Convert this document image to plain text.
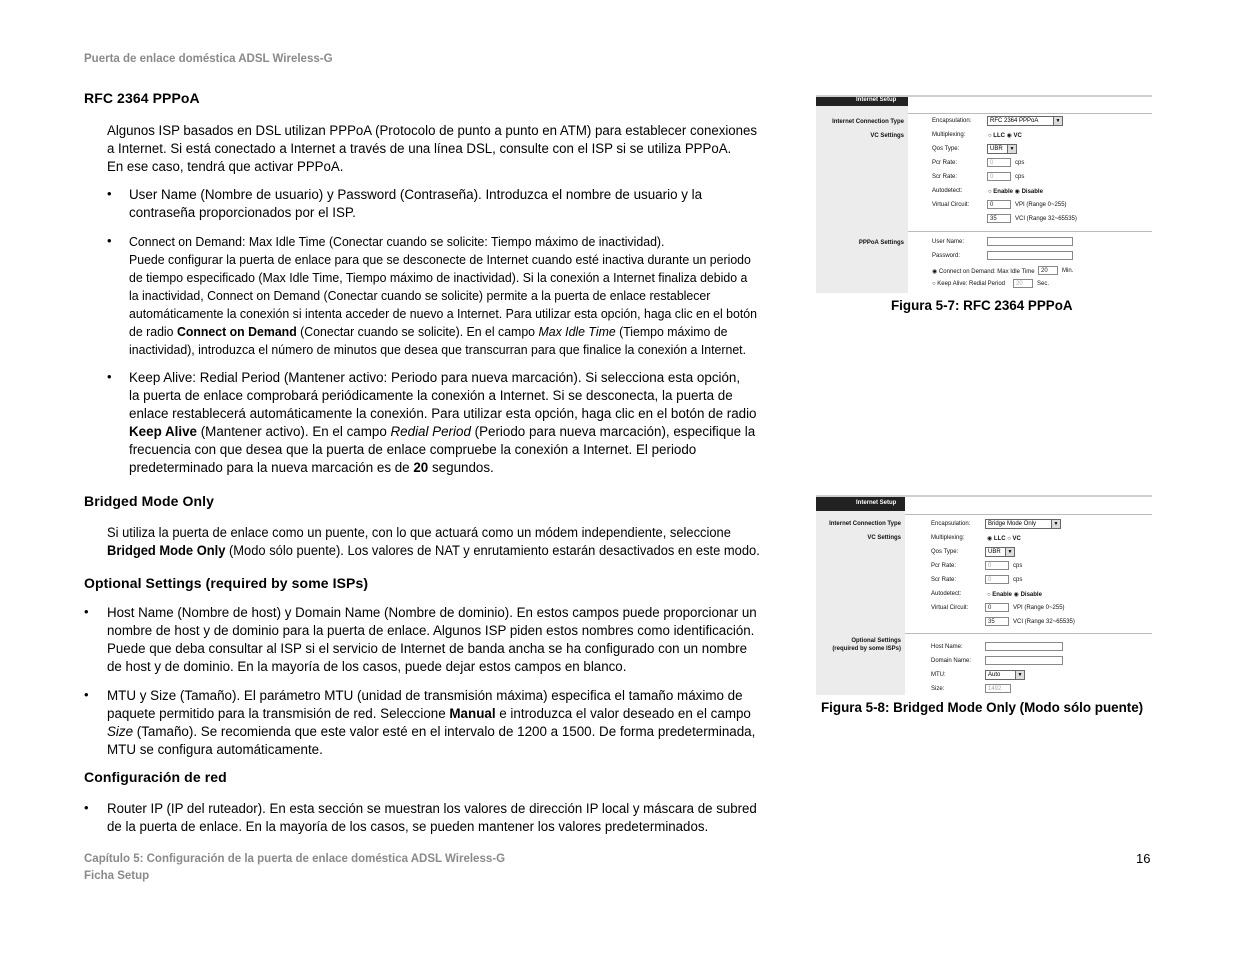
Puerta de enlace doméstica ADSL Wireless-G
RFC 2364 PPPoA
Algunos ISP basados en DSL utilizan PPPoA (Protocolo de punto a punto en ATM) para establecer conexiones
a Internet. Si está conectado a Internet a través de una línea DSL, consulte con el ISP si se utiliza PPPoA.
En ese caso, tendrá que activar PPPoA.
• User Name (Nombre de usuario) y Password (Contraseña). Introduzca el nombre de usuario y la
contraseña proporcionados por el ISP.
• Connect on Demand: Max Idle Time (Conectar cuando se solicite: Tiempo máximo de inactividad).
Puede configurar la puerta de enlace para que se desconecte de Internet cuando esté inactiva durante un periodo
de tiempo especificado (Max Idle Time, Tiempo máximo de inactividad). Si la conexión a Internet finaliza debido a
la inactividad, Connect on Demand (Conectar cuando se solicite) permite a la puerta de enlace restablecer
automáticamente la conexión si intenta acceder de nuevo a Internet. Para utilizar esta opción, haga clic en el botón
de radio Connect on Demand (Conectar cuando se solicite). En el campo Max Idle Time (Tiempo máximo de
inactividad), introduzca el número de minutos que desea que transcurran para que finalice la conexión a Internet.
• Keep Alive: Redial Period (Mantener activo: Periodo para nueva marcación). Si selecciona esta opción,
la puerta de enlace comprobará periódicamente la conexión a Internet. Si se desconecta, la puerta de
enlace restablecerá automáticamente la conexión. Para utilizar esta opción, haga clic en el botón de radio
Keep Alive (Mantener activo). En el campo Redial Period (Periodo para nueva marcación), especifique la
frecuencia con que desea que la puerta de enlace compruebe la conexión a Internet. El periodo
predeterminado para la nueva marcación es de 20 segundos.
Bridged Mode Only
Si utiliza la puerta de enlace como un puente, con lo que actuará como un módem independiente, seleccione
Bridged Mode Only (Modo sólo puente). Los valores de NAT y enrutamiento estarán desactivados en este modo.
Optional Settings (required by some ISPs)
• Host Name (Nombre de host) y Domain Name (Nombre de dominio). En estos campos puede proporcionar un
nombre de host y de dominio para la puerta de enlace. Algunos ISP piden estos nombres como identificación.
Puede que deba consultar al ISP si el servicio de Internet de banda ancha se ha configurado con un nombre
de host y de dominio. En la mayoría de los casos, puede dejar estos campos en blanco.
• MTU y Size (Tamaño). El parámetro MTU (unidad de transmisión máxima) especifica el tamaño máximo de
paquete permitido para la transmisión de red. Seleccione Manual e introduzca el valor deseado en el campo
Size (Tamaño). Se recomienda que este valor esté en el intervalo de 1200 a 1500. De forma predeterminada,
MTU se configura automáticamente.
Configuración de red
• Router IP (IP del ruteador). En esta sección se muestran los valores de dirección IP local y máscara de subred
de la puerta de enlace. En la mayoría de los casos, se pueden mantener los valores predeterminados.
Capítulo 5: Configuración de la puerta de enlace doméstica ADSL Wireless-G
Ficha Setup
16
Internet Setup
Internet Connection Type
VC Settings
PPPoA Settings
Encapsulation:	RFC 2364 PPPoA	▼
Multiplexing:	○ LLC ◉ VC
Qos Type:	UBR	▼
Pcr Rate:	0	cps
Scr Rate:	0	cps
Autodetect:	○ Enable ◉ Disable
Virtual Circuit:	0	VPI (Range 0~255)
35	VCI (Range 32~65535)
User Name:
Password:
◉ Connect on Demand: Max Idle Time	20	Min.
○ Keep Alive: Redial Period	20	Sec.
Figura 5-7: RFC 2364 PPPoA
Internet Setup
Internet Connection Type
VC Settings
Optional Settings
(required by some ISPs)
Encapsulation:	Bridge Mode Only	▼
Multiplexing:	◉ LLC ○ VC
Qos Type:	UBR	▼
Pcr Rate:	0	cps
Scr Rate:	0	cps
Autodetect:	○ Enable ◉ Disable
Virtual Circuit:	0	VPI (Range 0~255)
35	VCI (Range 32~65535)
Host Name:
Domain Name:
MTU:	Auto	▼
Size:	1492
Figura 5-8: Bridged Mode Only (Modo sólo puente)
